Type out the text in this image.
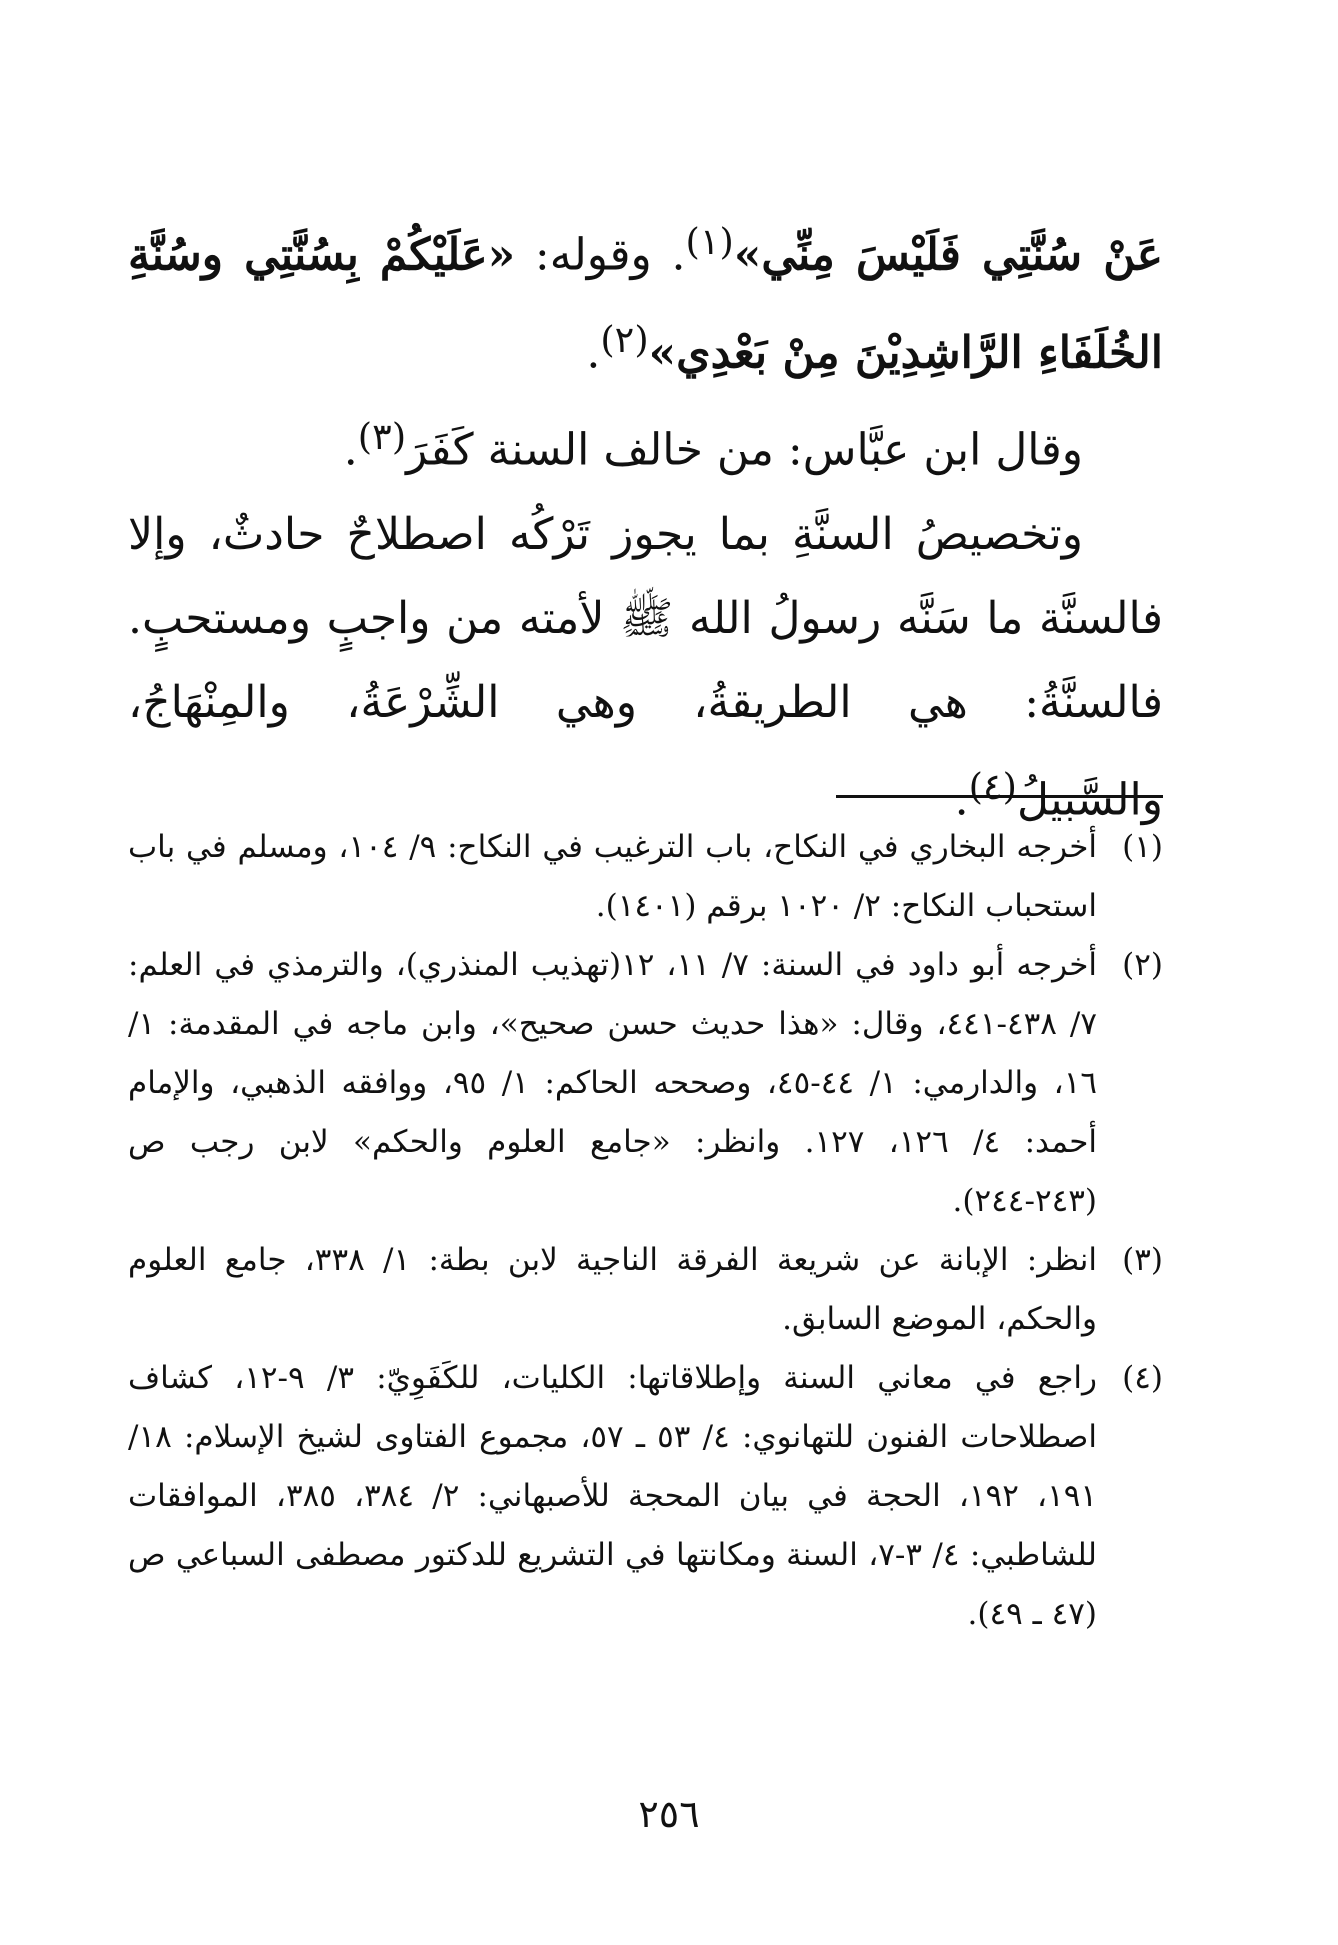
عَنْ سُنَّتِي فَلَيْسَ مِنِّي»$^{(١)}$. وقوله: «عَلَيْكُمْ بِسُنَّتِي وسُنَّةِ الخُلَفَاءِ الرَّاشِدِيْنَ مِنْ بَعْدِي»$^{(٢)}$.

وقال ابن عبَّاس: من خالف السنة كَفَرَ$^{(٣)}$.

وتخصيصُ السنَّةِ بما يجوز تَرْكُه اصطلاحٌ حادثٌ، وإلا فالسنَّة ما سَنَّه رسولُ الله ﷺ لأمته من واجبٍ ومستحبٍ. فالسنَّةُ: هي الطريقةُ، وهي الشِّرْعَةُ، والمِنْهَاجُ، والسَّبيلُ$^{(٤)}$.

(١)
أخرجه البخاري في النكاح، باب الترغيب في النكاح: ٩/ ١٠٤، ومسلم في باب استحباب النكاح: ٢/ ١٠٢٠ برقم (١٤٠١).
(٢)
أخرجه أبو داود في السنة: ٧/ ١١، ١٢(تهذيب المنذري)، والترمذي في العلم: ٧/ ٤٣٨-٤٤١، وقال: «هذا حديث حسن صحيح»، وابن ماجه في المقدمة: ١/ ١٦، والدارمي: ١/ ٤٤-٤٥، وصححه الحاكم: ١/ ٩٥، ووافقه الذهبي، والإمام أحمد: ٤/ ١٢٦، ١٢٧. وانظر: «جامع العلوم والحكم» لابن رجب ص (٢٤٣-٢٤٤).
(٣)
انظر: الإبانة عن شريعة الفرقة الناجية لابن بطة: ١/ ٣٣٨، جامع العلوم والحكم، الموضع السابق.
(٤)
راجع في معاني السنة وإطلاقاتها: الكليات، للكَفَوِيّ: ٣/ ٩-١٢، كشاف اصطلاحات الفنون للتهانوي: ٤/ ٥٣ ـ ٥٧، مجموع الفتاوى لشيخ الإسلام: ١٨/ ١٩١، ١٩٢، الحجة في بيان المحجة للأصبهاني: ٢/ ٣٨٤، ٣٨٥، الموافقات للشاطبي: ٤/ ٣-٧، السنة ومكانتها في التشريع للدكتور مصطفى السباعي ص (٤٧ ـ ٤٩).
٢٥٦
